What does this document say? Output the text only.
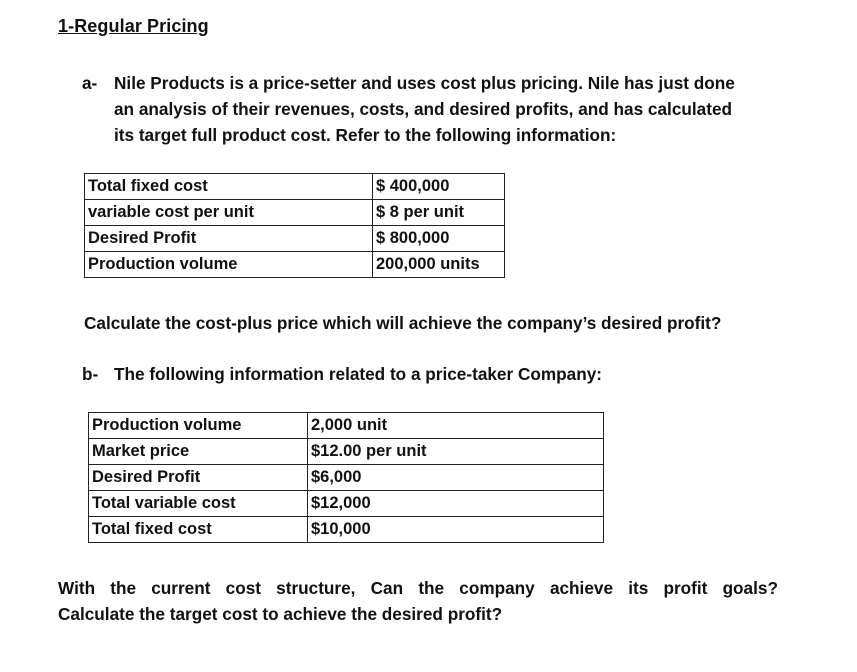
1-Regular Pricing
a- Nile Products is a price-setter and uses cost plus pricing. Nile has just done
an analysis of their revenues, costs, and desired profits, and has calculated
its target full product cost. Refer to the following information:
Total fixed cost	$ 400,000
variable cost per unit	$ 8 per unit
Desired Profit	$ 800,000
Production volume	200,000 units
Calculate the cost-plus price which will achieve the company’s desired profit?
b- The following information related to a price-taker Company:
Production volume	2,000 unit
Market price	$12.00 per unit
Desired Profit	$6,000
Total variable cost	$12,000
Total fixed cost	$10,000
With the current cost structure, Can the company achieve its profit goals?
Calculate the target cost to achieve the desired profit?
